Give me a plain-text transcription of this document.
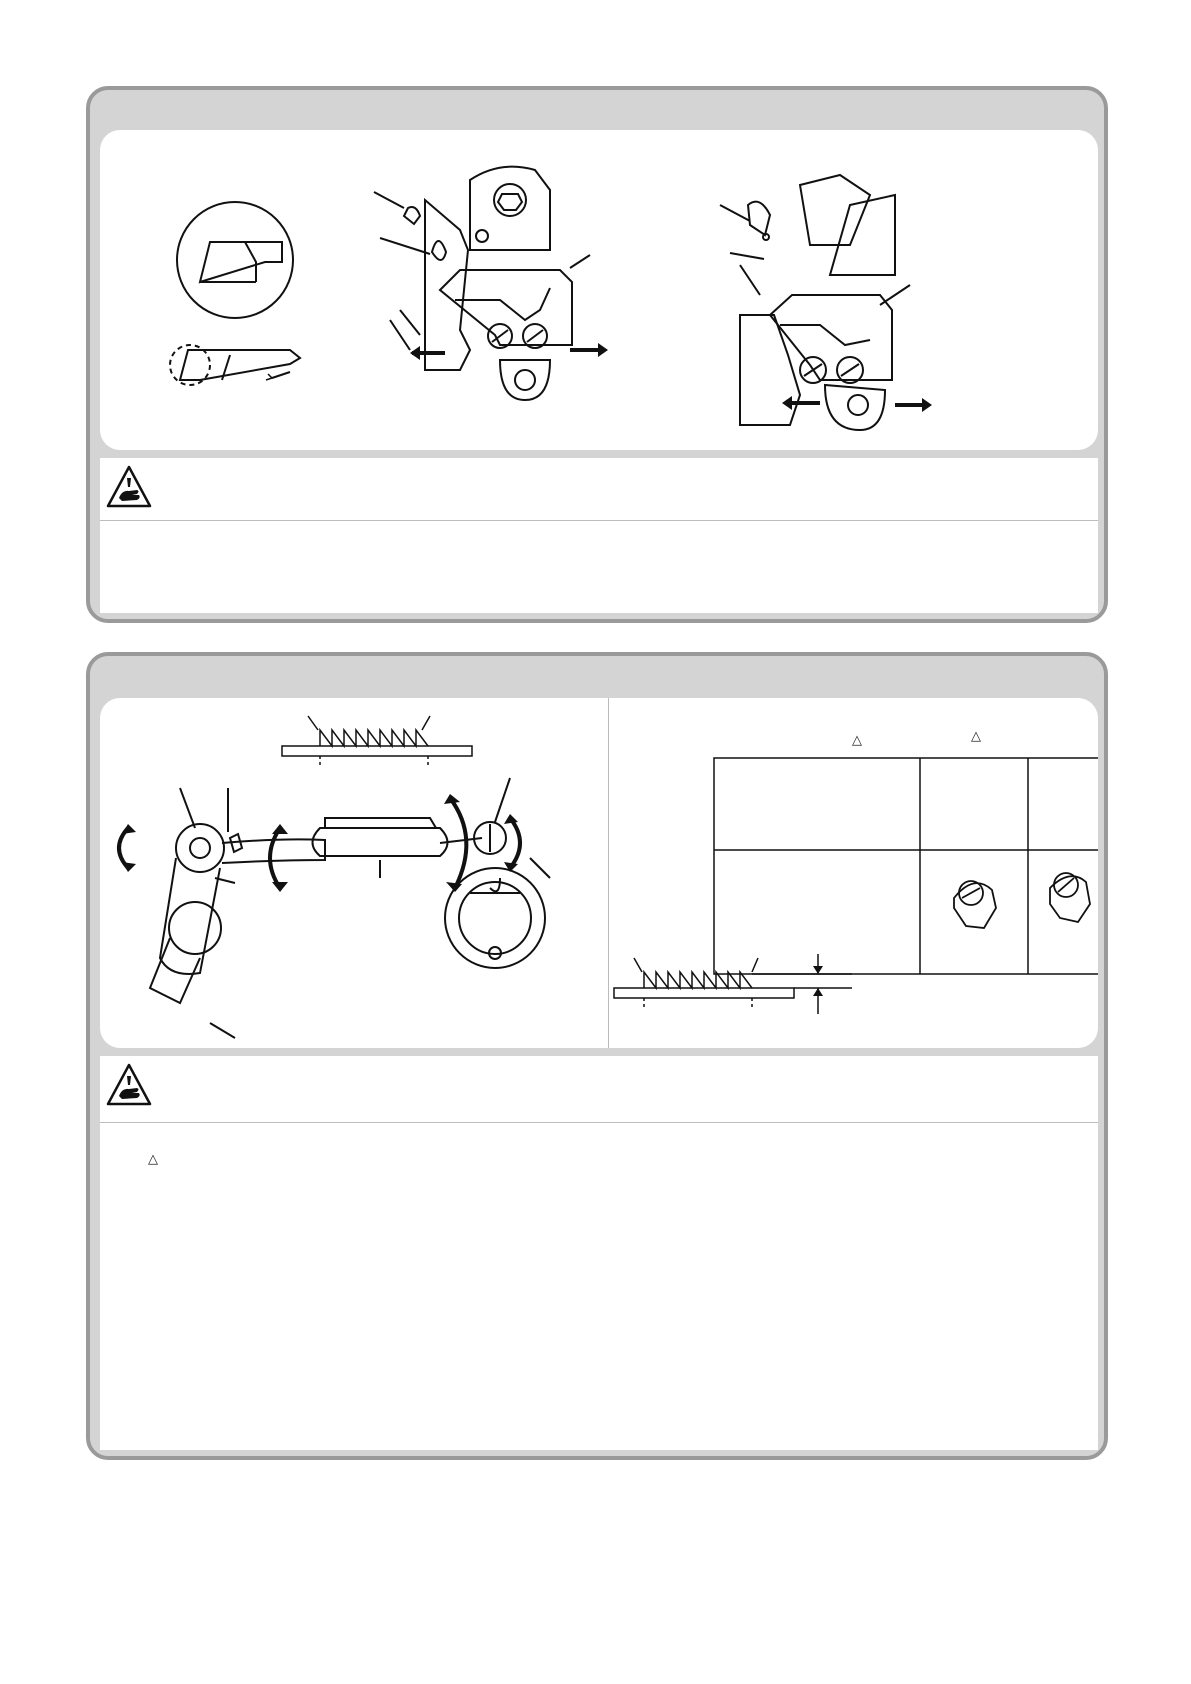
△	△
△
